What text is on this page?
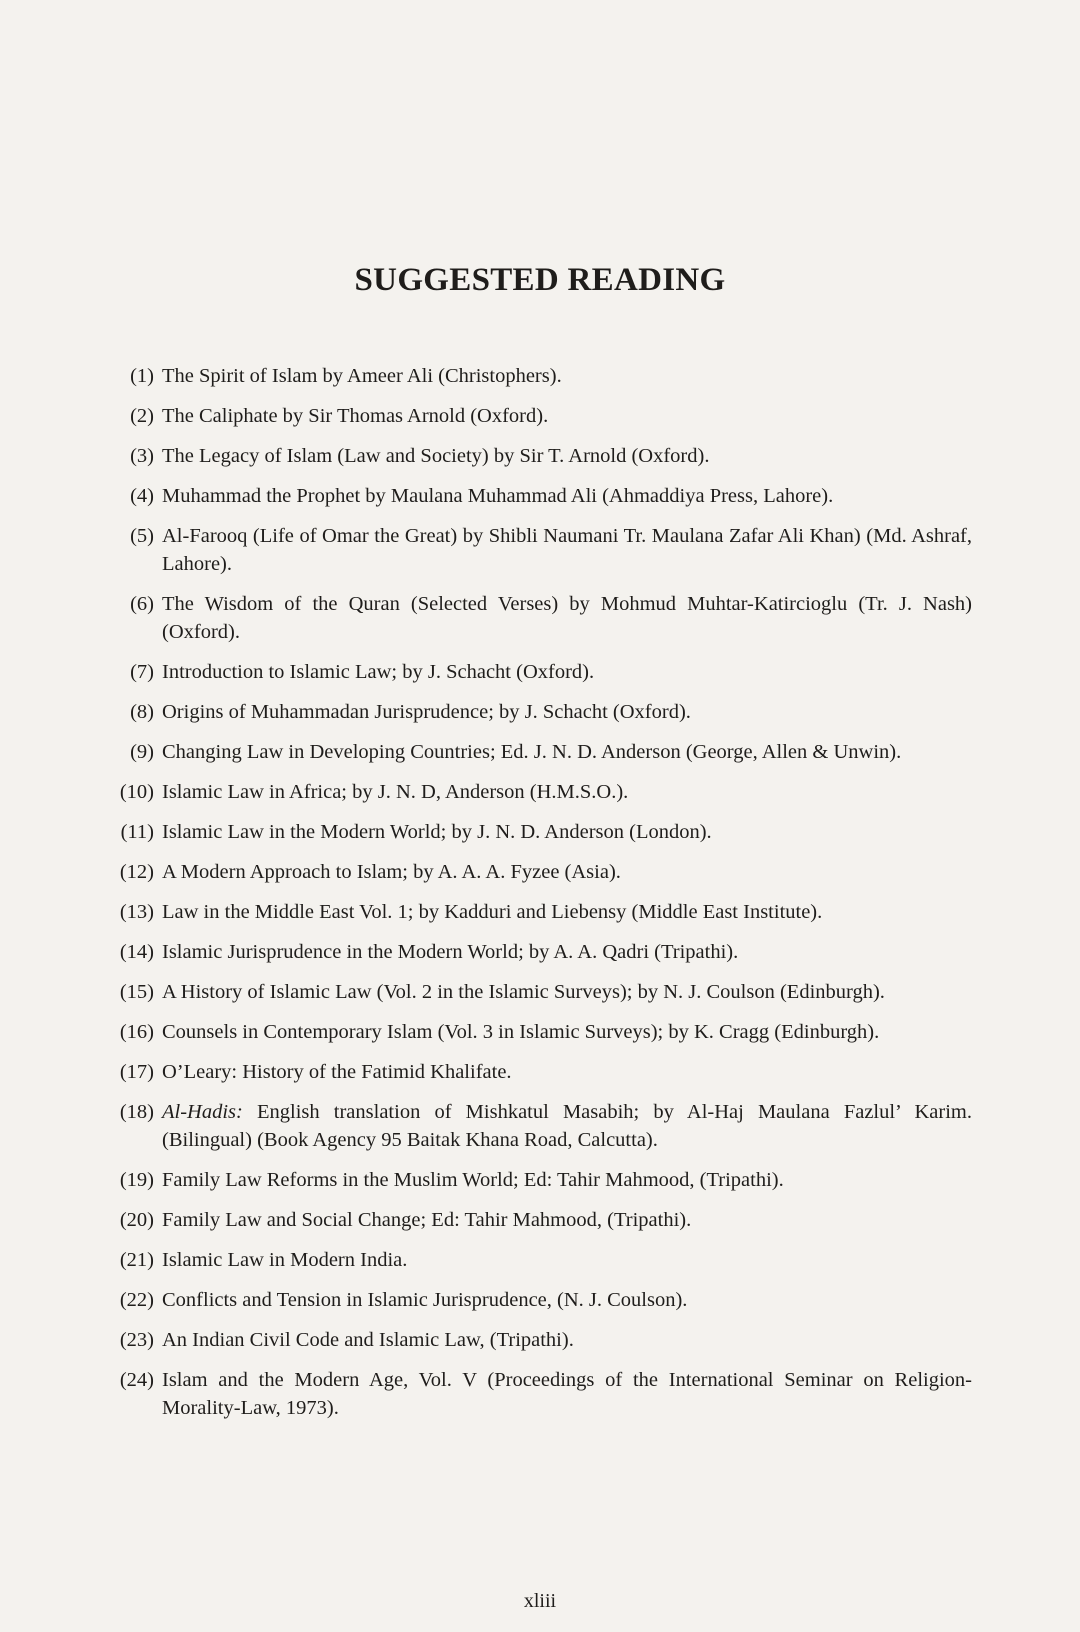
SUGGESTED READING
(1) The Spirit of Islam by Ameer Ali (Christophers).
(2) The Caliphate by Sir Thomas Arnold (Oxford).
(3) The Legacy of Islam (Law and Society) by Sir T. Arnold (Oxford).
(4) Muhammad the Prophet by Maulana Muhammad Ali (Ahmaddiya Press, Lahore).
(5) Al-Farooq (Life of Omar the Great) by Shibli Naumani Tr. Maulana Zafar Ali Khan) (Md. Ashraf, Lahore).
(6) The Wisdom of the Quran (Selected Verses) by Mohmud Muhtar-Katircioglu (Tr. J. Nash) (Oxford).
(7) Introduction to Islamic Law; by J. Schacht (Oxford).
(8) Origins of Muhammadan Jurisprudence; by J. Schacht (Oxford).
(9) Changing Law in Developing Countries; Ed. J. N. D. Anderson (George, Allen & Unwin).
(10) Islamic Law in Africa; by J. N. D, Anderson (H.M.S.O.).
(11) Islamic Law in the Modern World; by J. N. D. Anderson (London).
(12) A Modern Approach to Islam; by A. A. A. Fyzee (Asia).
(13) Law in the Middle East Vol. 1; by Kadduri and Liebensy (Middle East Institute).
(14) Islamic Jurisprudence in the Modern World; by A. A. Qadri (Tripathi).
(15) A History of Islamic Law (Vol. 2 in the Islamic Surveys); by N. J. Coulson (Edinburgh).
(16) Counsels in Contemporary Islam (Vol. 3 in Islamic Surveys); by K. Cragg (Edinburgh).
(17) O’Leary: History of the Fatimid Khalifate.
(18) Al-Hadis: English translation of Mishkatul Masabih; by Al-Haj Maulana Fazlul’ Karim. (Bilingual) (Book Agency 95 Baitak Khana Road, Calcutta).
(19) Family Law Reforms in the Muslim World; Ed: Tahir Mahmood, (Tripathi).
(20) Family Law and Social Change; Ed: Tahir Mahmood, (Tripathi).
(21) Islamic Law in Modern India.
(22) Conflicts and Tension in Islamic Jurisprudence, (N. J. Coulson).
(23) An Indian Civil Code and Islamic Law, (Tripathi).
(24) Islam and the Modern Age, Vol. V (Proceedings of the International Seminar on Religion-Morality-Law, 1973).
xliii
